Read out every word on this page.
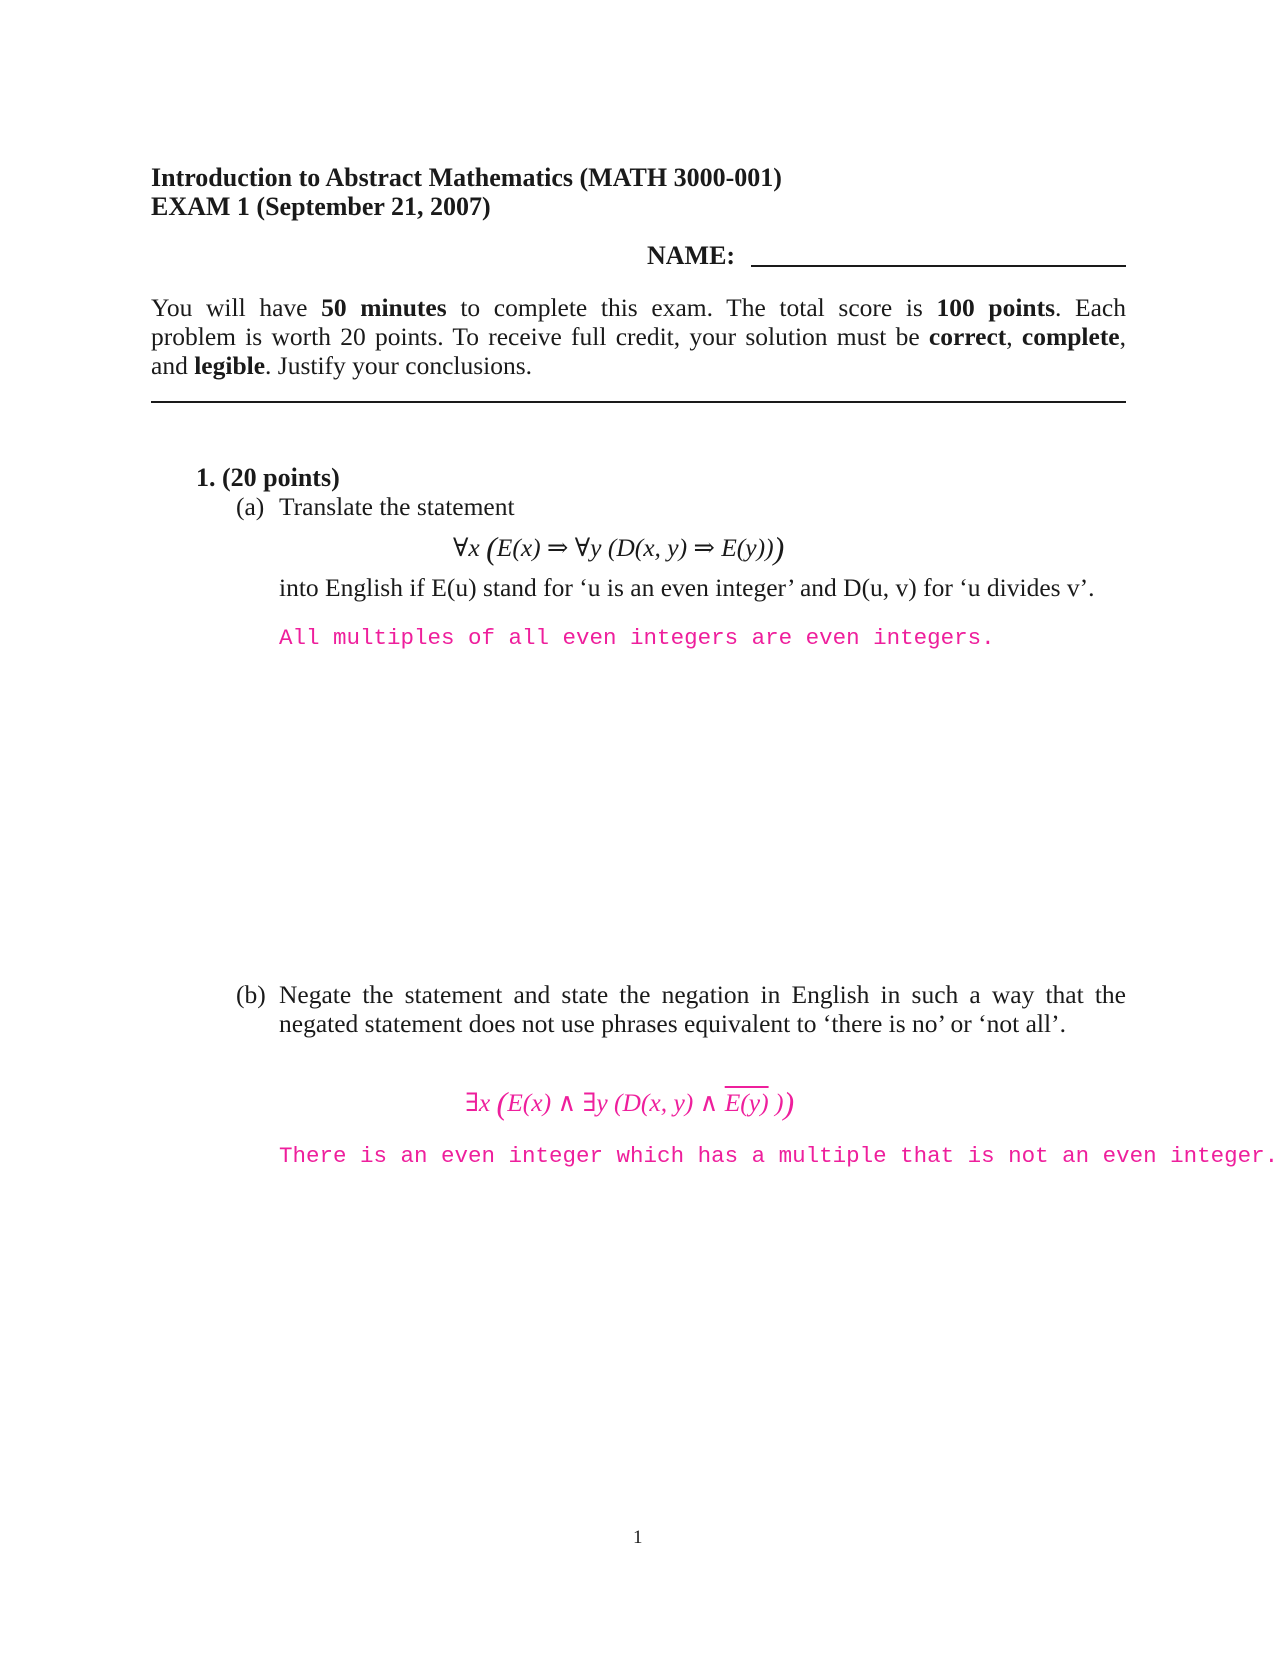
Introduction to Abstract Mathematics (MATH 3000-001)
EXAM 1 (September 21, 2007)
NAME:
You will have 50 minutes to complete this exam. The total score is 100 points. Each
problem is worth 20 points. To receive full credit, your solution must be correct, complete,
and legible. Justify your conclusions.
1. (20 points)
(a) Translate the statement
∀x (E(x) ⇒ ∀y (D(x, y) ⇒ E(y)))
into English if E(u) stand for ‘u is an even integer’ and D(u, v) for ‘u divides v’.
All multiples of all even integers are even integers.
(b) Negate the statement and state the negation in English in such a way that the
negated statement does not use phrases equivalent to ‘there is no’ or ‘not all’.
∃x (E(x) ∧ ∃y (D(x, y) ∧ E(y) ))
There is an even integer which has a multiple that is not an even integer.
1
